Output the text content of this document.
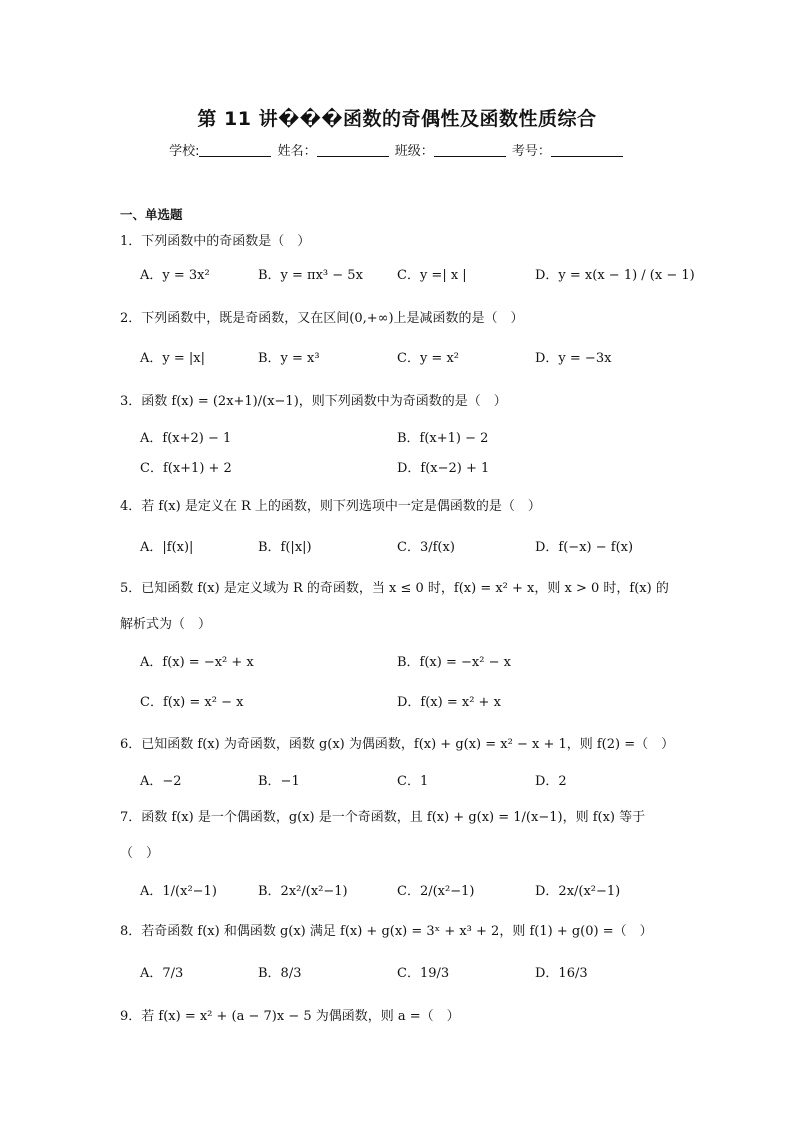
第 11 讲���函数的奇偶性及函数性质综合
学校:	姓名：	班级：	考号：
一、单选题
1．下列函数中的奇函数是（　）
A．y = 3x²	B．y = πx³ − 5x	C．y =| x |	D．y = x(x − 1) / (x − 1)
2．下列函数中，既是奇函数，又在区间(0,+∞)上是减函数的是（　）
A．y = |x|	B．y = x³	C．y = x²	D．y = −3x
3．函数 f(x) = (2x+1)/(x−1)，则下列函数中为奇函数的是（　）
A．f(x+2) − 1	B．f(x+1) − 2
C．f(x+1) + 2	D．f(x−2) + 1
4．若 f(x) 是定义在 R 上的函数，则下列选项中一定是偶函数的是（　）
A．|f(x)|	B．f(|x|)	C．3/f(x)	D．f(−x) − f(x)
5．已知函数 f(x) 是定义域为 R 的奇函数，当 x ≤ 0 时，f(x) = x² + x，则 x > 0 时，f(x) 的
解析式为（　）
A．f(x) = −x² + x	B．f(x) = −x² − x
C．f(x) = x² − x	D．f(x) = x² + x
6．已知函数 f(x) 为奇函数，函数 g(x) 为偶函数，f(x) + g(x) = x² − x + 1，则 f(2) =（　）
A．−2	B．−1	C．1	D．2
7．函数 f(x) 是一个偶函数，g(x) 是一个奇函数，且 f(x) + g(x) = 1/(x−1)，则 f(x) 等于
（　）
A．1/(x²−1)	B．2x²/(x²−1)	C．2/(x²−1)	D．2x/(x²−1)
8．若奇函数 f(x) 和偶函数 g(x) 满足 f(x) + g(x) = 3ˣ + x³ + 2，则 f(1) + g(0) =（　）
A．7/3	B．8/3	C．19/3	D．16/3
9．若 f(x) = x² + (a − 7)x − 5 为偶函数，则 a =（　）
